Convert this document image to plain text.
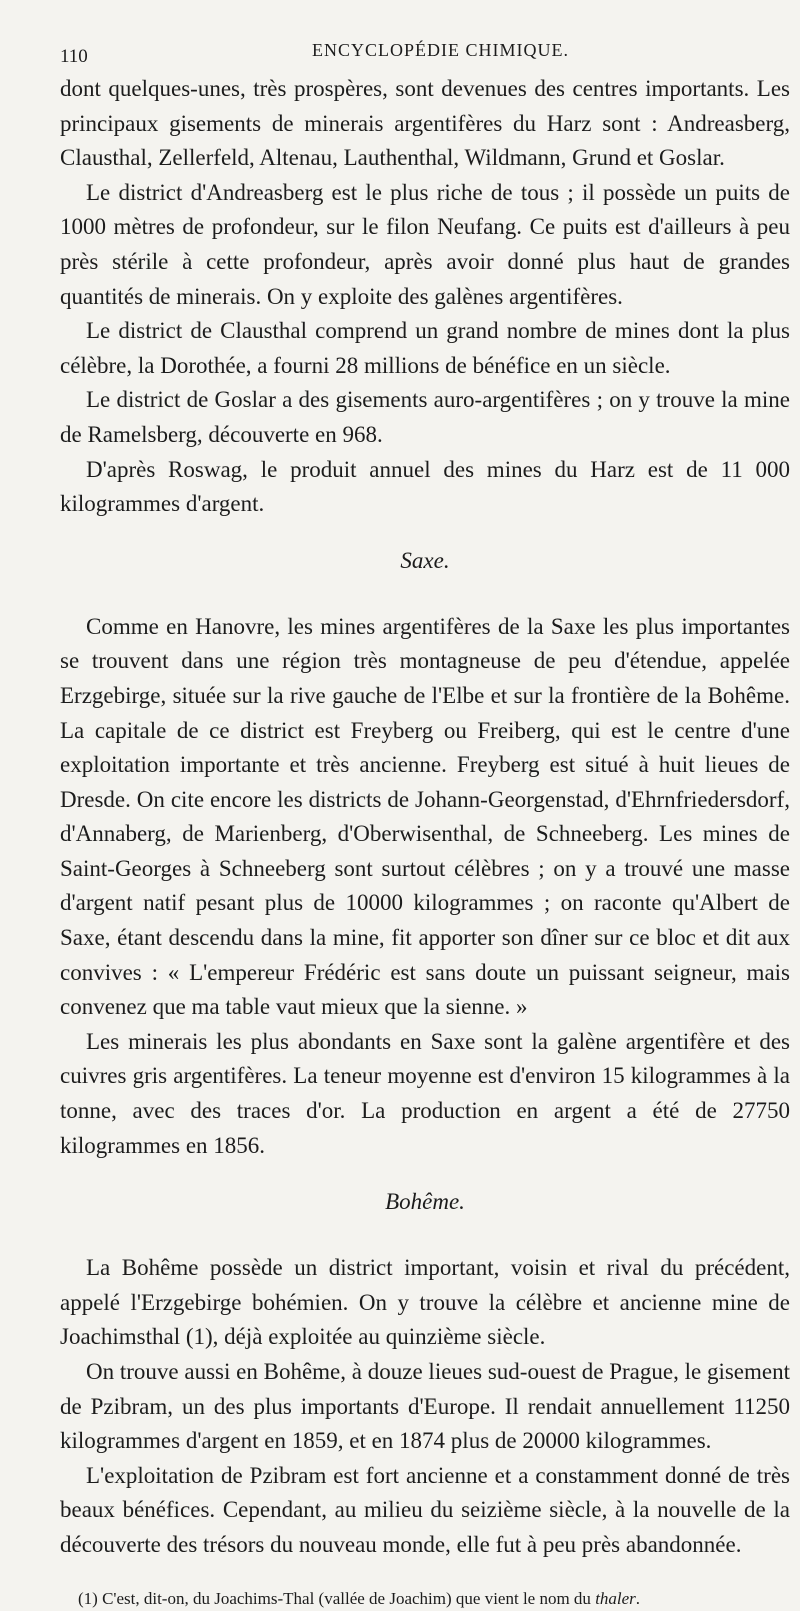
110	ENCYCLOPÉDIE CHIMIQUE.

dont quelques-unes, très prospères, sont devenues des centres importants. Les principaux gisements de minerais argentifères du Harz sont : Andreasberg, Clausthal, Zellerfeld, Altenau, Lauthenthal, Wildmann, Grund et Goslar.

Le district d'Andreasberg est le plus riche de tous ; il possède un puits de 1000 mètres de profondeur, sur le filon Neufang. Ce puits est d'ailleurs à peu près stérile à cette profondeur, après avoir donné plus haut de grandes quantités de minerais. On y exploite des galènes argentifères.

Le district de Clausthal comprend un grand nombre de mines dont la plus célèbre, la Dorothée, a fourni 28 millions de bénéfice en un siècle.

Le district de Goslar a des gisements auro-argentifères ; on y trouve la mine de Ramelsberg, découverte en 968.

D'après Roswag, le produit annuel des mines du Harz est de 11 000 kilogrammes d'argent.

Saxe.

Comme en Hanovre, les mines argentifères de la Saxe les plus importantes se trouvent dans une région très montagneuse de peu d'étendue, appelée Erzgebirge, située sur la rive gauche de l'Elbe et sur la frontière de la Bohême. La capitale de ce district est Freyberg ou Freiberg, qui est le centre d'une exploitation importante et très ancienne. Freyberg est situé à huit lieues de Dresde. On cite encore les districts de Johann-Georgenstad, d'Ehrnfriedersdorf, d'Annaberg, de Marienberg, d'Oberwisenthal, de Schneeberg. Les mines de Saint-Georges à Schneeberg sont surtout célèbres ; on y a trouvé une masse d'argent natif pesant plus de 10000 kilogrammes ; on raconte qu'Albert de Saxe, étant descendu dans la mine, fit apporter son dîner sur ce bloc et dit aux convives : « L'empereur Frédéric est sans doute un puissant seigneur, mais convenez que ma table vaut mieux que la sienne. »

Les minerais les plus abondants en Saxe sont la galène argentifère et des cuivres gris argentifères. La teneur moyenne est d'environ 15 kilogrammes à la tonne, avec des traces d'or. La production en argent a été de 27750 kilogrammes en 1856.

Bohême.

La Bohême possède un district important, voisin et rival du précédent, appelé l'Erzgebirge bohémien. On y trouve la célèbre et ancienne mine de Joachimsthal (1), déjà exploitée au quinzième siècle.

On trouve aussi en Bohême, à douze lieues sud-ouest de Prague, le gisement de Pzibram, un des plus importants d'Europe. Il rendait annuellement 11250 kilogrammes d'argent en 1859, et en 1874 plus de 20000 kilogrammes.

L'exploitation de Pzibram est fort ancienne et a constamment donné de très beaux bénéfices. Cependant, au milieu du seizième siècle, à la nouvelle de la découverte des trésors du nouveau monde, elle fut à peu près abandonnée.

(1) C'est, dit-on, du Joachims-Thal (vallée de Joachim) que vient le nom du thaler.
